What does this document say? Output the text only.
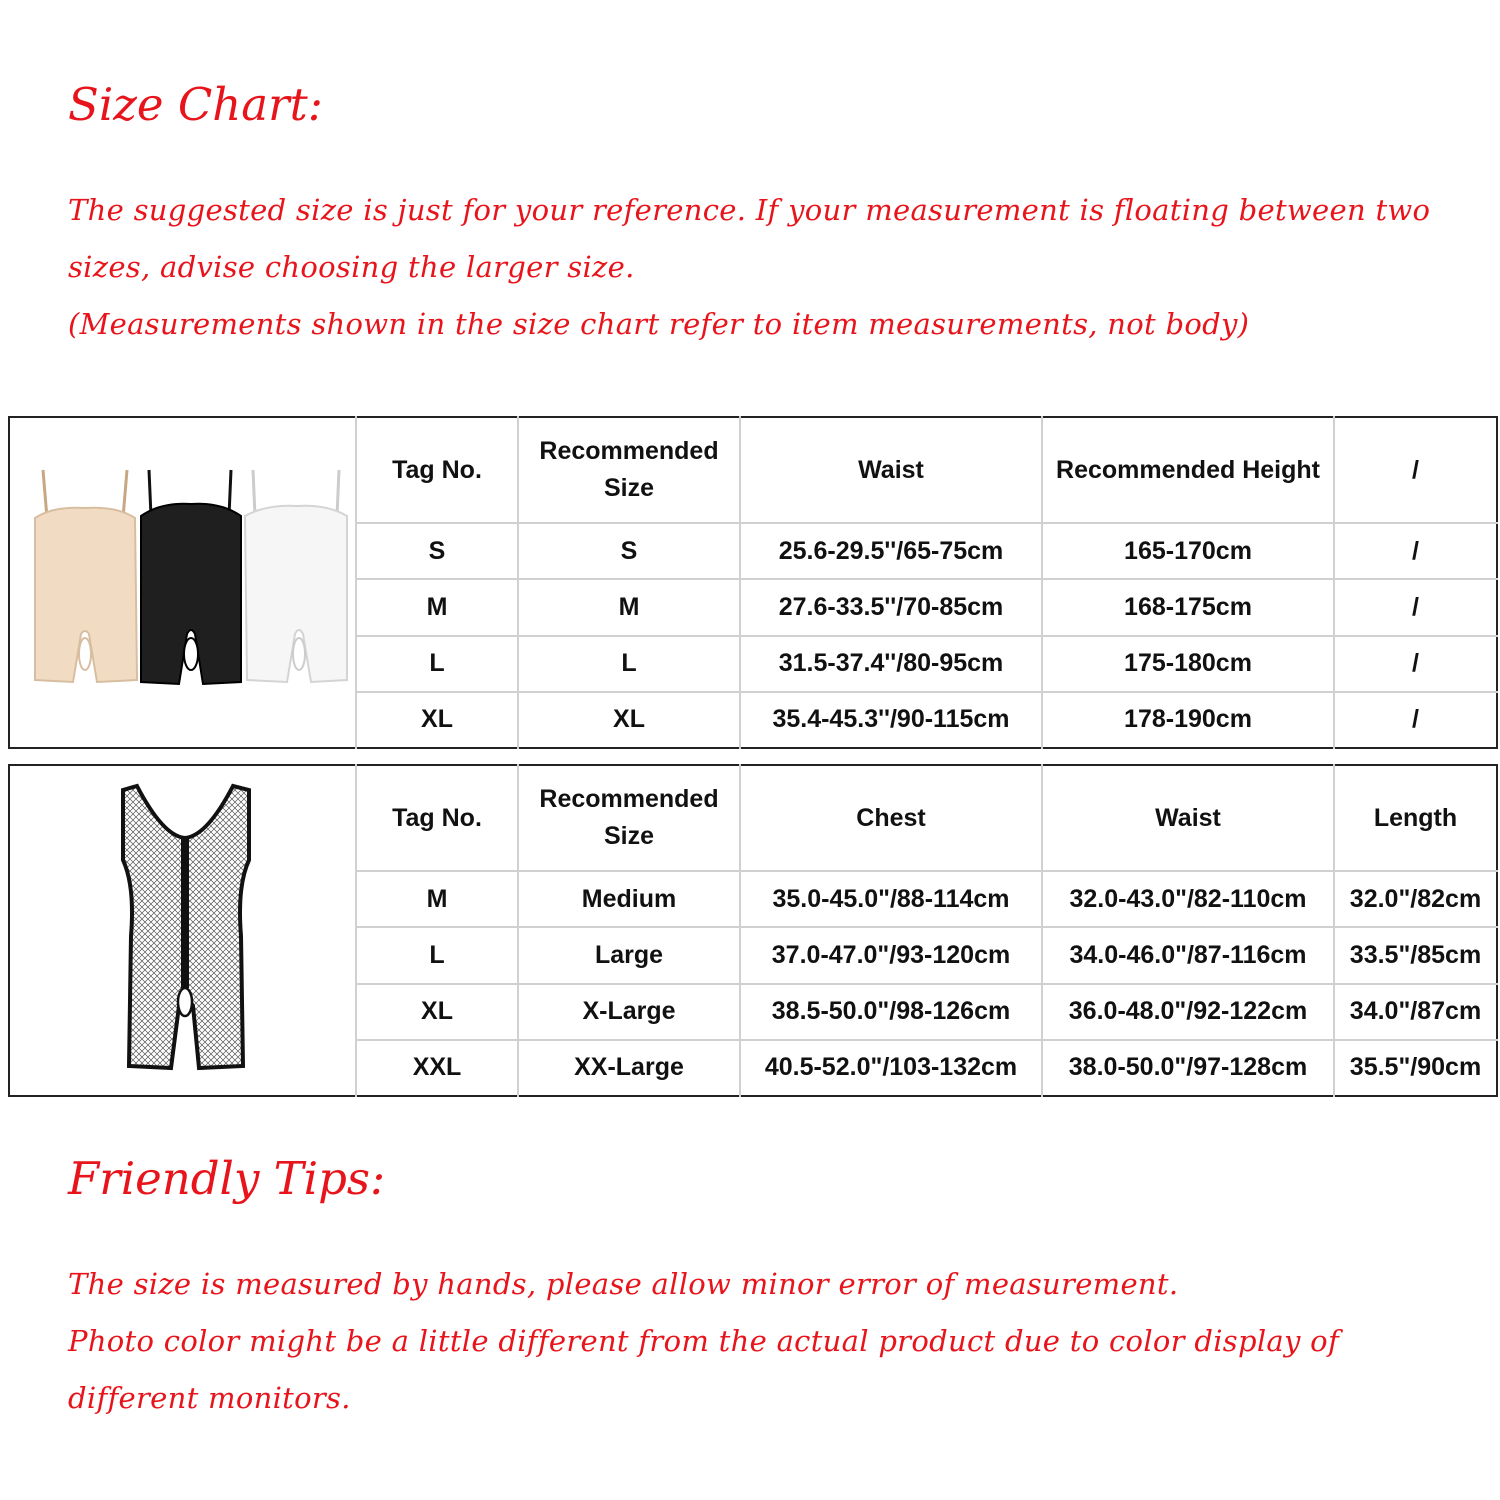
Size Chart:
The suggested size is just for your reference. If your measurement is floating between two
sizes, advise choosing the larger size.
(Measurements shown in the size chart refer to item measurements, not body)
	Tag No.	Recommended Size	Waist	Recommended Height	/
	S	S	25.6-29.5''/65-75cm	165-170cm	/
	M	M	27.6-33.5''/70-85cm	168-175cm	/
	L	L	31.5-37.4''/80-95cm	175-180cm	/
	XL	XL	35.4-45.3''/90-115cm	178-190cm	/
	Tag No.	Recommended Size	Chest	Waist	Length
	M	Medium	35.0-45.0"/88-114cm	32.0-43.0"/82-110cm	32.0"/82cm
	L	Large	37.0-47.0"/93-120cm	34.0-46.0"/87-116cm	33.5"/85cm
	XL	X-Large	38.5-50.0"/98-126cm	36.0-48.0"/92-122cm	34.0"/87cm
	XXL	XX-Large	40.5-52.0"/103-132cm	38.0-50.0"/97-128cm	35.5"/90cm
Friendly Tips:
The size is measured by hands, please allow minor error of measurement.
Photo color might be a little different from the actual product due to color display of
different monitors.
